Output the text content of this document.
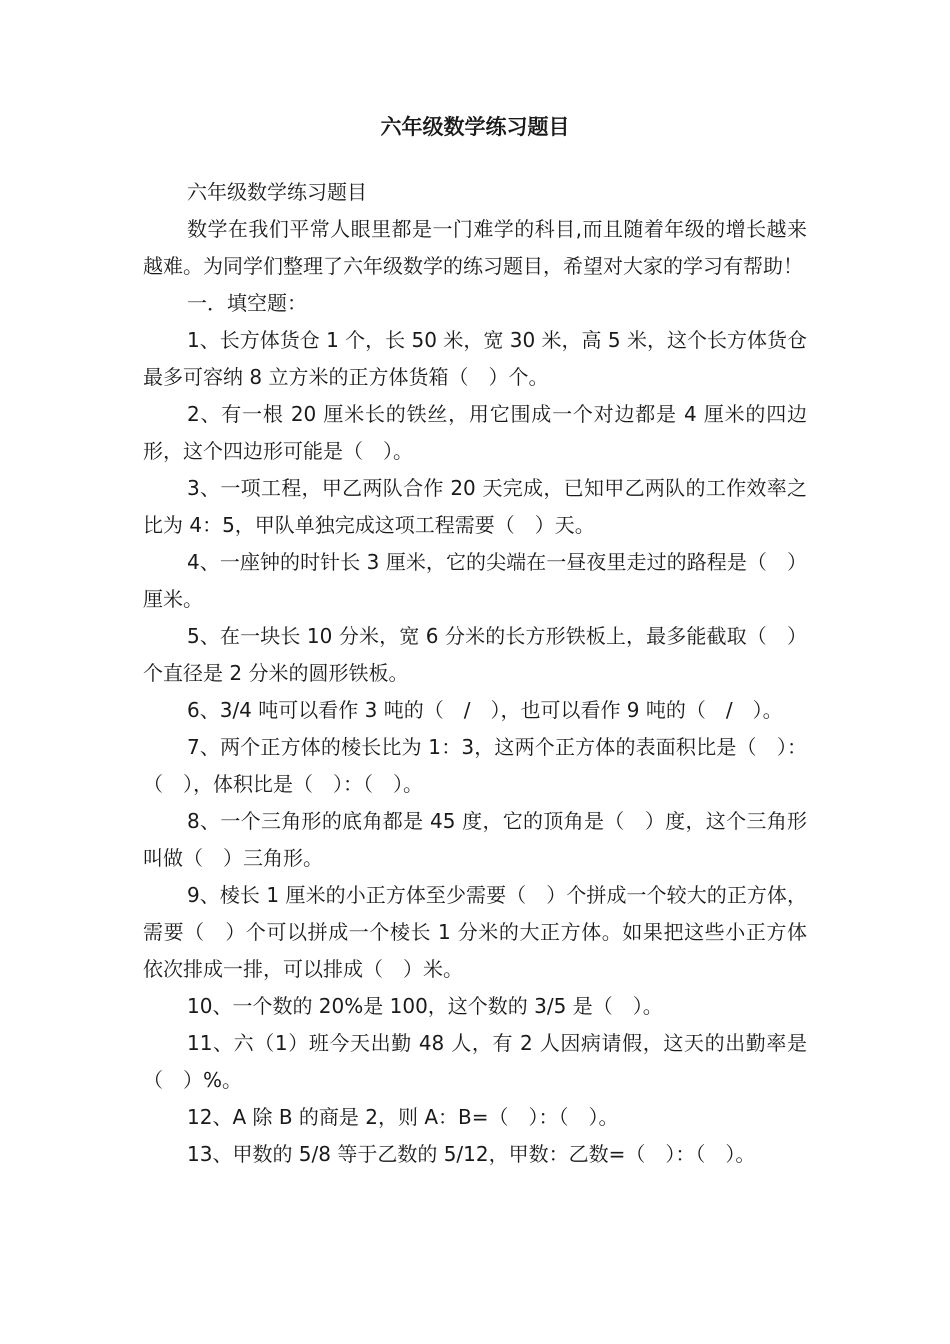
六年级数学练习题目

六年级数学练习题目

数学在我们平常人眼里都是一门难学的科目,而且随着年级的增长越来越难。为同学们整理了六年级数学的练习题目，希望对大家的学习有帮助！

一．填空题：

1、长方体货仓 1 个，长 50 米，宽 30 米，高 5 米，这个长方体货仓最多可容纳 8 立方米的正方体货箱（　）个。

2、有一根 20 厘米长的铁丝，用它围成一个对边都是 4 厘米的四边形，这个四边形可能是（　）。

3、一项工程，甲乙两队合作 20 天完成，已知甲乙两队的工作效率之比为 4：5，甲队单独完成这项工程需要（　）天。

4、一座钟的时针长 3 厘米，它的尖端在一昼夜里走过的路程是（　）厘米。

5、在一块长 10 分米，宽 6 分米的长方形铁板上，最多能截取（　）个直径是 2 分米的圆形铁板。

6、3/4 吨可以看作 3 吨的（　/　），也可以看作 9 吨的（　/　）。

7、两个正方体的棱长比为 1：3，这两个正方体的表面积比是（　）：（　），体积比是（　）：（　）。

8、一个三角形的底角都是 45 度，它的顶角是（　）度，这个三角形叫做（　）三角形。

9、棱长 1 厘米的小正方体至少需要（　）个拼成一个较大的正方体，需要（　）个可以拼成一个棱长 1 分米的大正方体。如果把这些小正方体依次排成一排，可以排成（　）米。

10、一个数的 20%是 100，这个数的 3/5 是（　）。

11、六（1）班今天出勤 48 人，有 2 人因病请假，这天的出勤率是（　）%。

12、A 除 B 的商是 2，则 A：B=（　）：（　）。

13、甲数的 5/8 等于乙数的 5/12，甲数：乙数=（　）：（　）。
